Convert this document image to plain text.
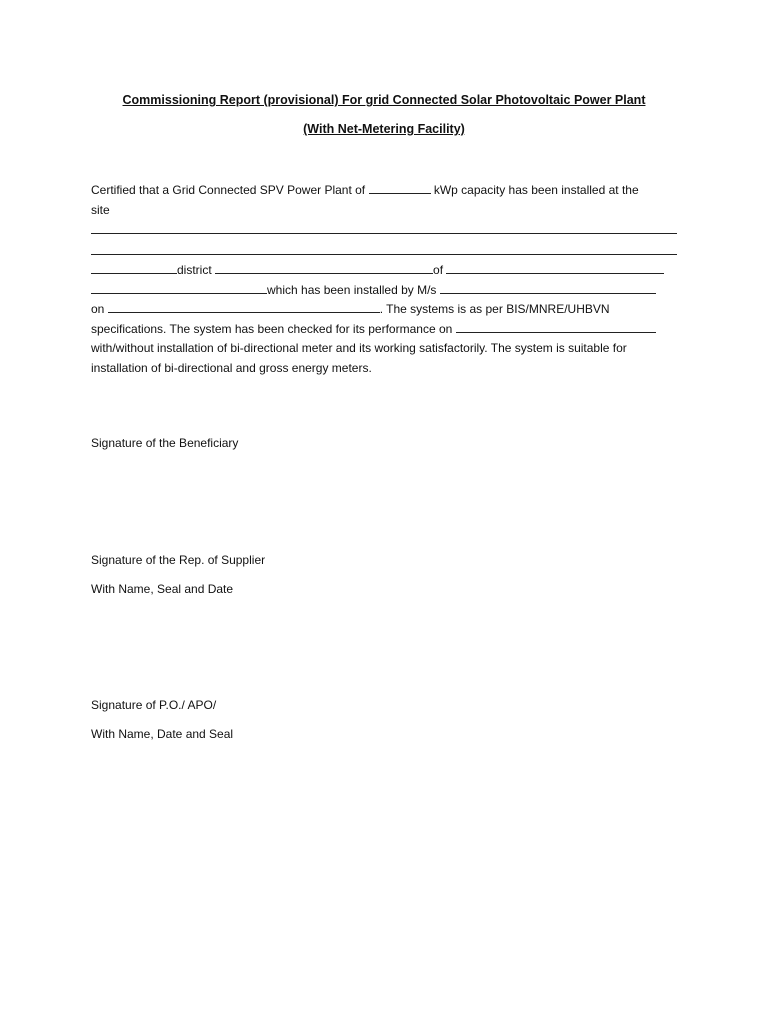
Commissioning Report (provisional) For grid Connected Solar Photovoltaic Power Plant
(With Net-Metering Facility)
Certified that a Grid Connected SPV Power Plant of	kWp capacity has been installed at the
site
district	of
which has been installed by M/s
on	. The systems is as per BIS/MNRE/UHBVN
specifications. The system has been checked for its performance on
with/without installation of bi-directional meter and its working satisfactorily. The system is suitable for
installation of bi-directional and gross energy meters.
Signature of the Beneficiary
Signature of the Rep. of Supplier
With Name, Seal and Date
Signature of P.O./ APO/
With Name, Date and Seal
